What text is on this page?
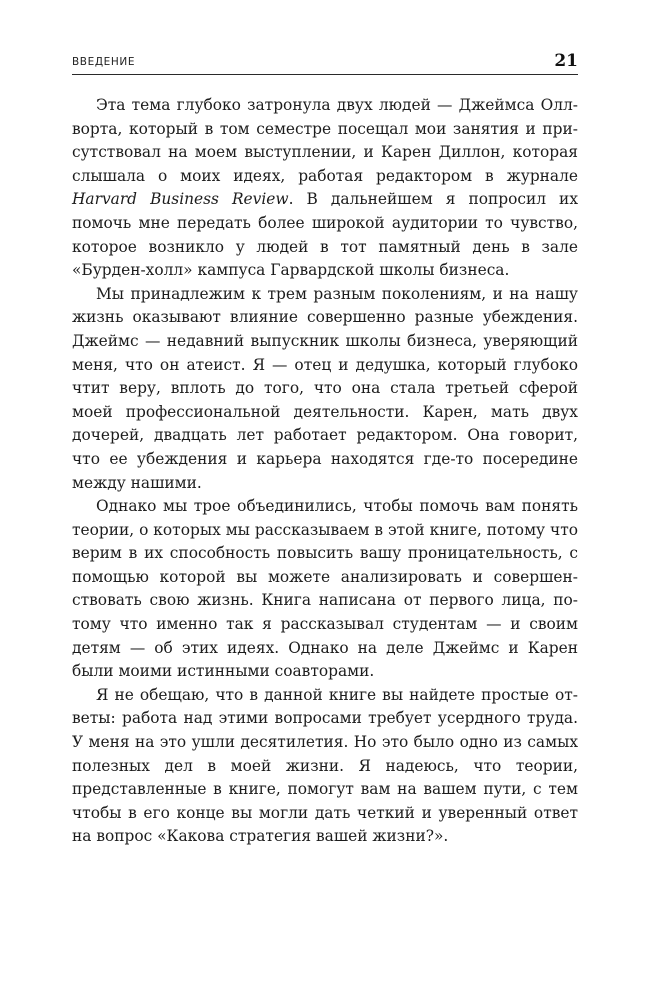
ВВЕДЕНИЕ	21

Эта тема глубоко затронула двух людей — Джеймса Оллворта, который в том семестре посещал мои занятия и присутствовал на моем выступлении, и Карен Диллон, которая слышала о моих идеях, работая редактором в журнале Harvard Business Review. В дальнейшем я попросил их помочь мне передать более широкой аудитории то чувство, которое возникло у людей в тот памятный день в зале «Бурден-холл» кампуса Гарвардской школы бизнеса.

Мы принадлежим к трем разным поколениям, и на нашу жизнь оказывают влияние совершенно разные убеждения. Джеймс — недавний выпускник школы бизнеса, уверяющий меня, что он атеист. Я — отец и дедушка, который глубоко чтит веру, вплоть до того, что она стала третьей сферой моей профессиональной деятельности. Карен, мать двух дочерей, двадцать лет работает редактором. Она говорит, что ее убеждения и карьера находятся где-то посередине между нашими.

Однако мы трое объединились, чтобы помочь вам понять теории, о которых мы рассказываем в этой книге, потому что верим в их способность повысить вашу проницательность, с помощью которой вы можете анализировать и совершенствовать свою жизнь. Книга написана от первого лица, потому что именно так я рассказывал студентам — и своим детям — об этих идеях. Однако на деле Джеймс и Карен были моими истинными соавторами.

Я не обещаю, что в данной книге вы найдете простые ответы: работа над этими вопросами требует усердного труда. У меня на это ушли десятилетия. Но это было одно из самых полезных дел в моей жизни. Я надеюсь, что теории, представленные в книге, помогут вам на вашем пути, с тем чтобы в его конце вы могли дать четкий и уверенный ответ на вопрос «Какова стратегия вашей жизни?».
